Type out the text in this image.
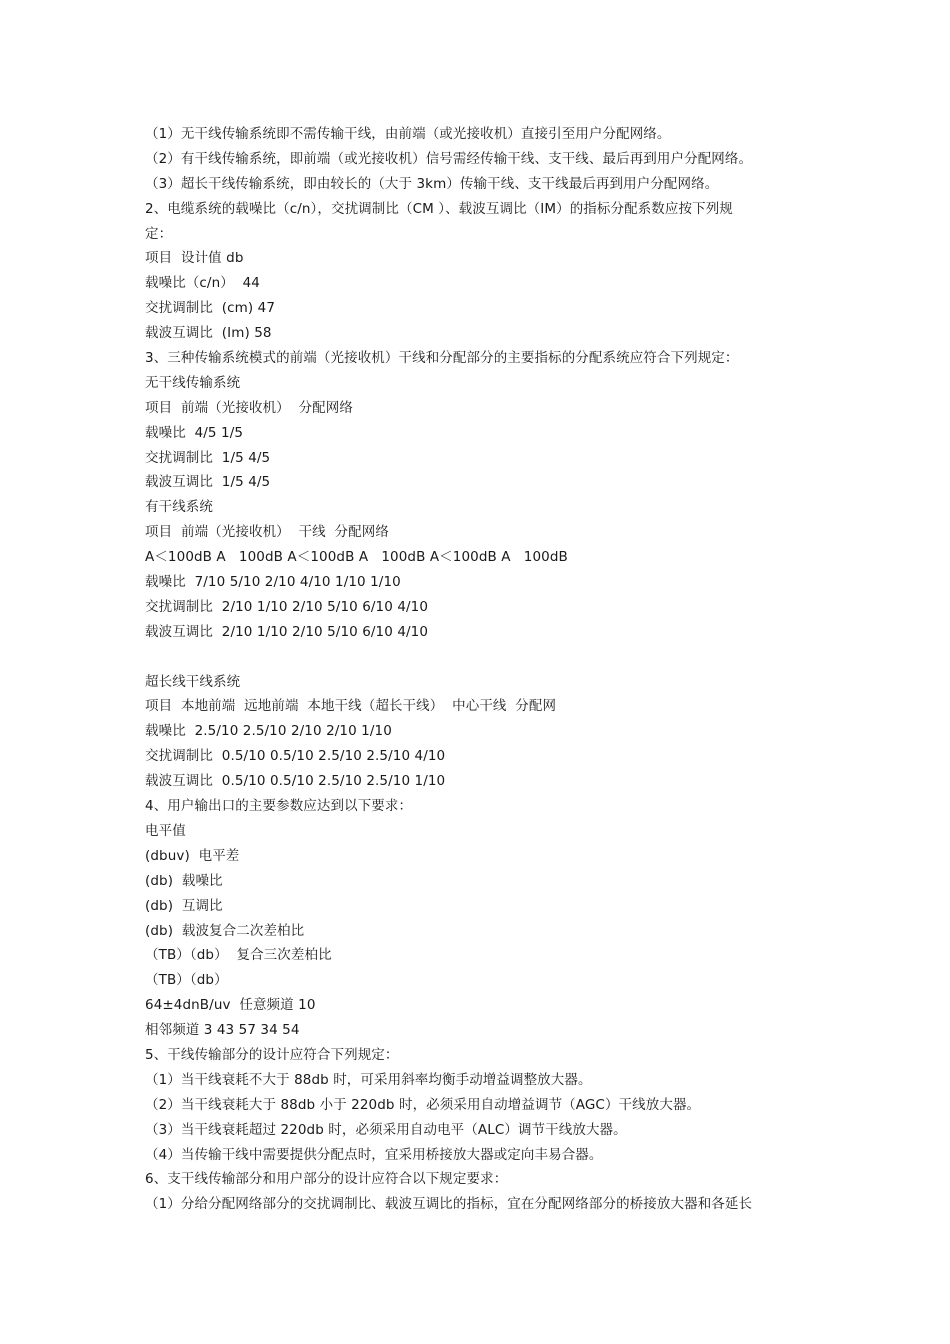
（1）无干线传输系统即不需传输干线，由前端（或光接收机）直接引至用户分配网络。
（2）有干线传输系统，即前端（或光接收机）信号需经传输干线、支干线、最后再到用户分配网络。
（3）超长干线传输系统，即由较长的（大于 3km）传输干线、支干线最后再到用户分配网络。
2、电缆系统的载噪比（c/n），交扰调制比（CM ）、载波互调比（IM）的指标分配系数应按下列规
定：
项目  设计值 db
载噪比（c/n）  44
交扰调制比  (cm) 47
载波互调比  (Im) 58
3、三种传输系统模式的前端（光接收机）干线和分配部分的主要指标的分配系统应符合下列规定：
无干线传输系统
项目  前端（光接收机）  分配网络
载噪比  4/5 1/5
交扰调制比  1/5 4/5
载波互调比  1/5 4/5
有干线系统
项目  前端（光接收机）  干线  分配网络
A＜100dB A   100dB A＜100dB A   100dB A＜100dB A   100dB
载噪比  7/10 5/10 2/10 4/10 1/10 1/10
交扰调制比  2/10 1/10 2/10 5/10 6/10 4/10
载波互调比  2/10 1/10 2/10 5/10 6/10 4/10
超长线干线系统
项目  本地前端  远地前端  本地干线（超长干线）  中心干线  分配网
载噪比  2.5/10 2.5/10 2/10 2/10 1/10
交扰调制比  0.5/10 0.5/10 2.5/10 2.5/10 4/10
载波互调比  0.5/10 0.5/10 2.5/10 2.5/10 1/10
4、用户输出口的主要参数应达到以下要求：
电平值
(dbuv)  电平差
(db)  载噪比
(db)  互调比
(db)  载波复合二次差柏比
（TB）（db）  复合三次差柏比
（TB）（db）
64±4dnB/uv  任意频道 10
相邻频道 3 43 57 34 54
5、干线传输部分的设计应符合下列规定：
（1）当干线衰耗不大于 88db 时，可采用斜率均衡手动增益调整放大器。
（2）当干线衰耗大于 88db 小于 220db 时，必须采用自动增益调节（AGC）干线放大器。
（3）当干线衰耗超过 220db 时，必须采用自动电平（ALC）调节干线放大器。
（4）当传输干线中需要提供分配点时，宜采用桥接放大器或定向丰易合器。
6、支干线传输部分和用户部分的设计应符合以下规定要求：
（1）分给分配网络部分的交扰调制比、载波互调比的指标，宜在分配网络部分的桥接放大器和各延长
